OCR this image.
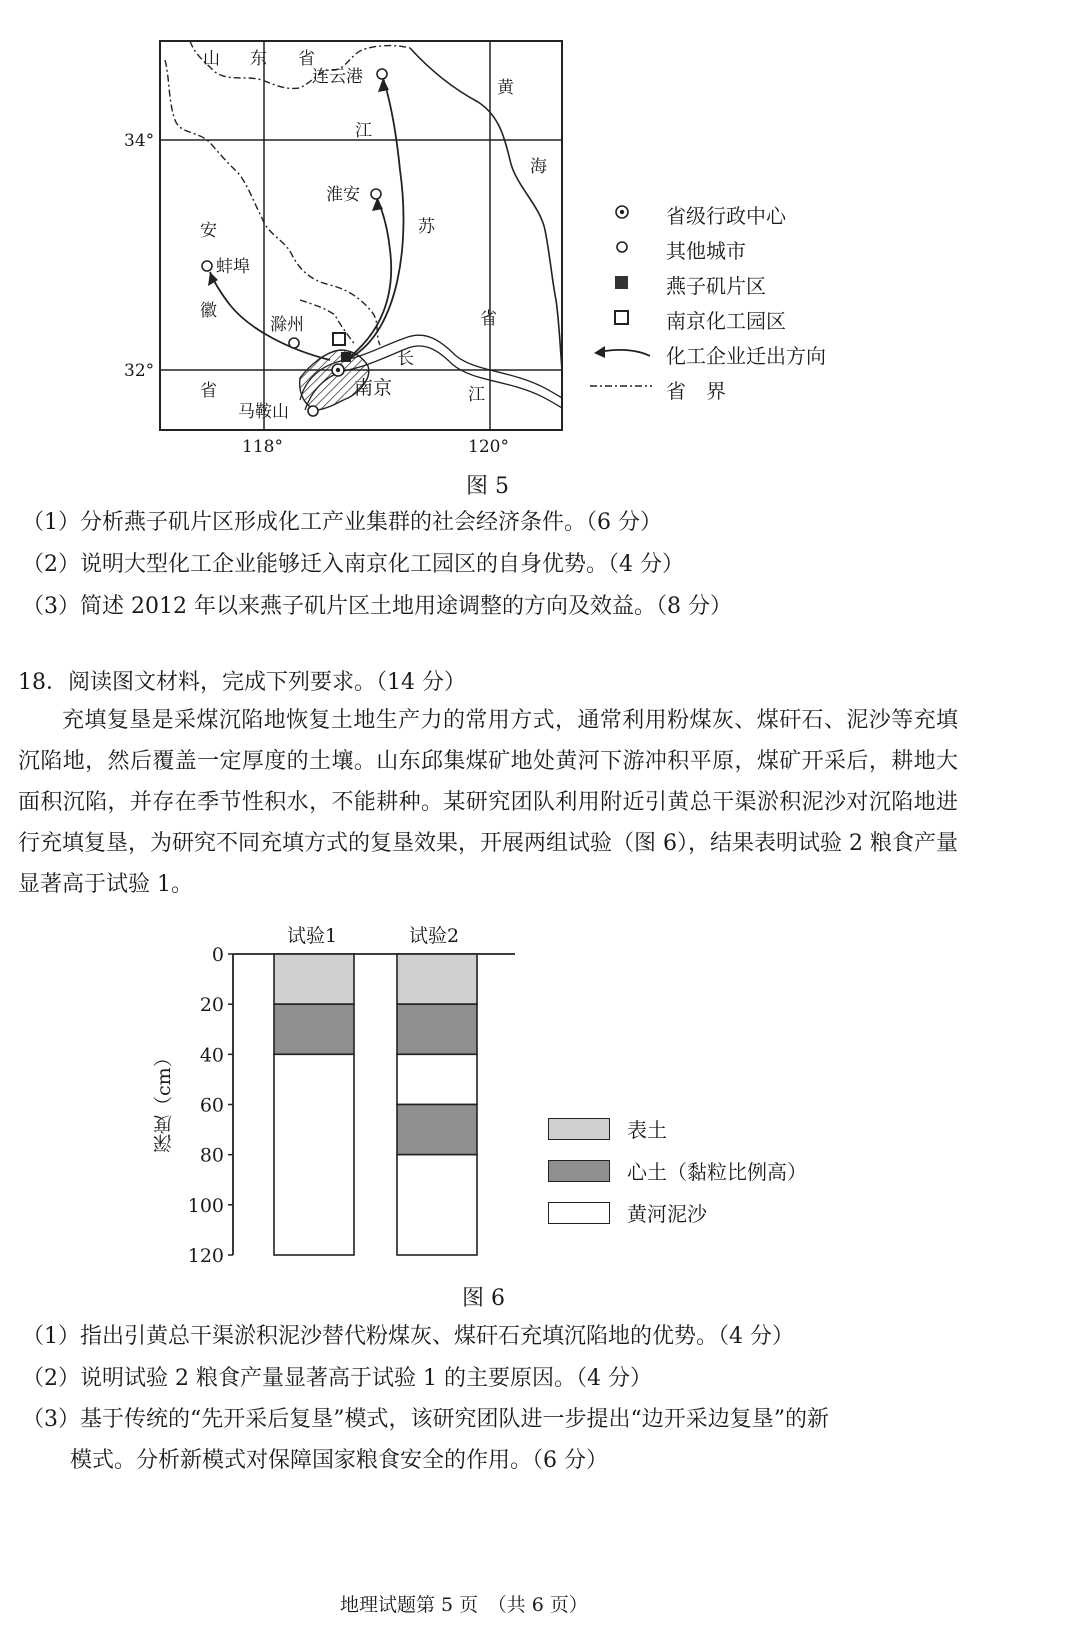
山 东 省
连云港
黄
海
江
苏
省
淮安
安
徽
省
蚌埠
滁州
南京
马鞍山
长
江
34°
32°
118°	120°
省级行政中心
其他城市
燕子矶片区
南京化工园区
化工企业迁出方向
省　界
图 5
（1）分析燕子矶片区形成化工产业集群的社会经济条件。（6 分）
（2）说明大型化工企业能够迁入南京化工园区的自身优势。（4 分）
（3）简述 2012 年以来燕子矶片区土地用途调整的方向及效益。（8 分）
18．阅读图文材料，完成下列要求。（14 分）
充填复垦是采煤沉陷地恢复土地生产力的常用方式，通常利用粉煤灰、煤矸石、泥沙等充填沉陷地，然后覆盖一定厚度的土壤。山东邱集煤矿地处黄河下游冲积平原，煤矿开采后，耕地大面积沉陷，并存在季节性积水，不能耕种。某研究团队利用附近引黄总干渠淤积泥沙对沉陷地进行充填复垦，为研究不同充填方式的复垦效果，开展两组试验（图 6），结果表明试验 2 粮食产量显著高于试验 1。
试验1	试验2
深度（cm）
0
20
40
60
80
100
120
表土
心土（黏粒比例高）
黄河泥沙
图 6
（1）指出引黄总干渠淤积泥沙替代粉煤灰、煤矸石充填沉陷地的优势。（4 分）
（2）说明试验 2 粮食产量显著高于试验 1 的主要原因。（4 分）
（3）基于传统的“先开采后复垦”模式，该研究团队进一步提出“边开采边复垦”的新
模式。分析新模式对保障国家粮食安全的作用。（6 分）
地理试题第 5 页　（共 6 页）
